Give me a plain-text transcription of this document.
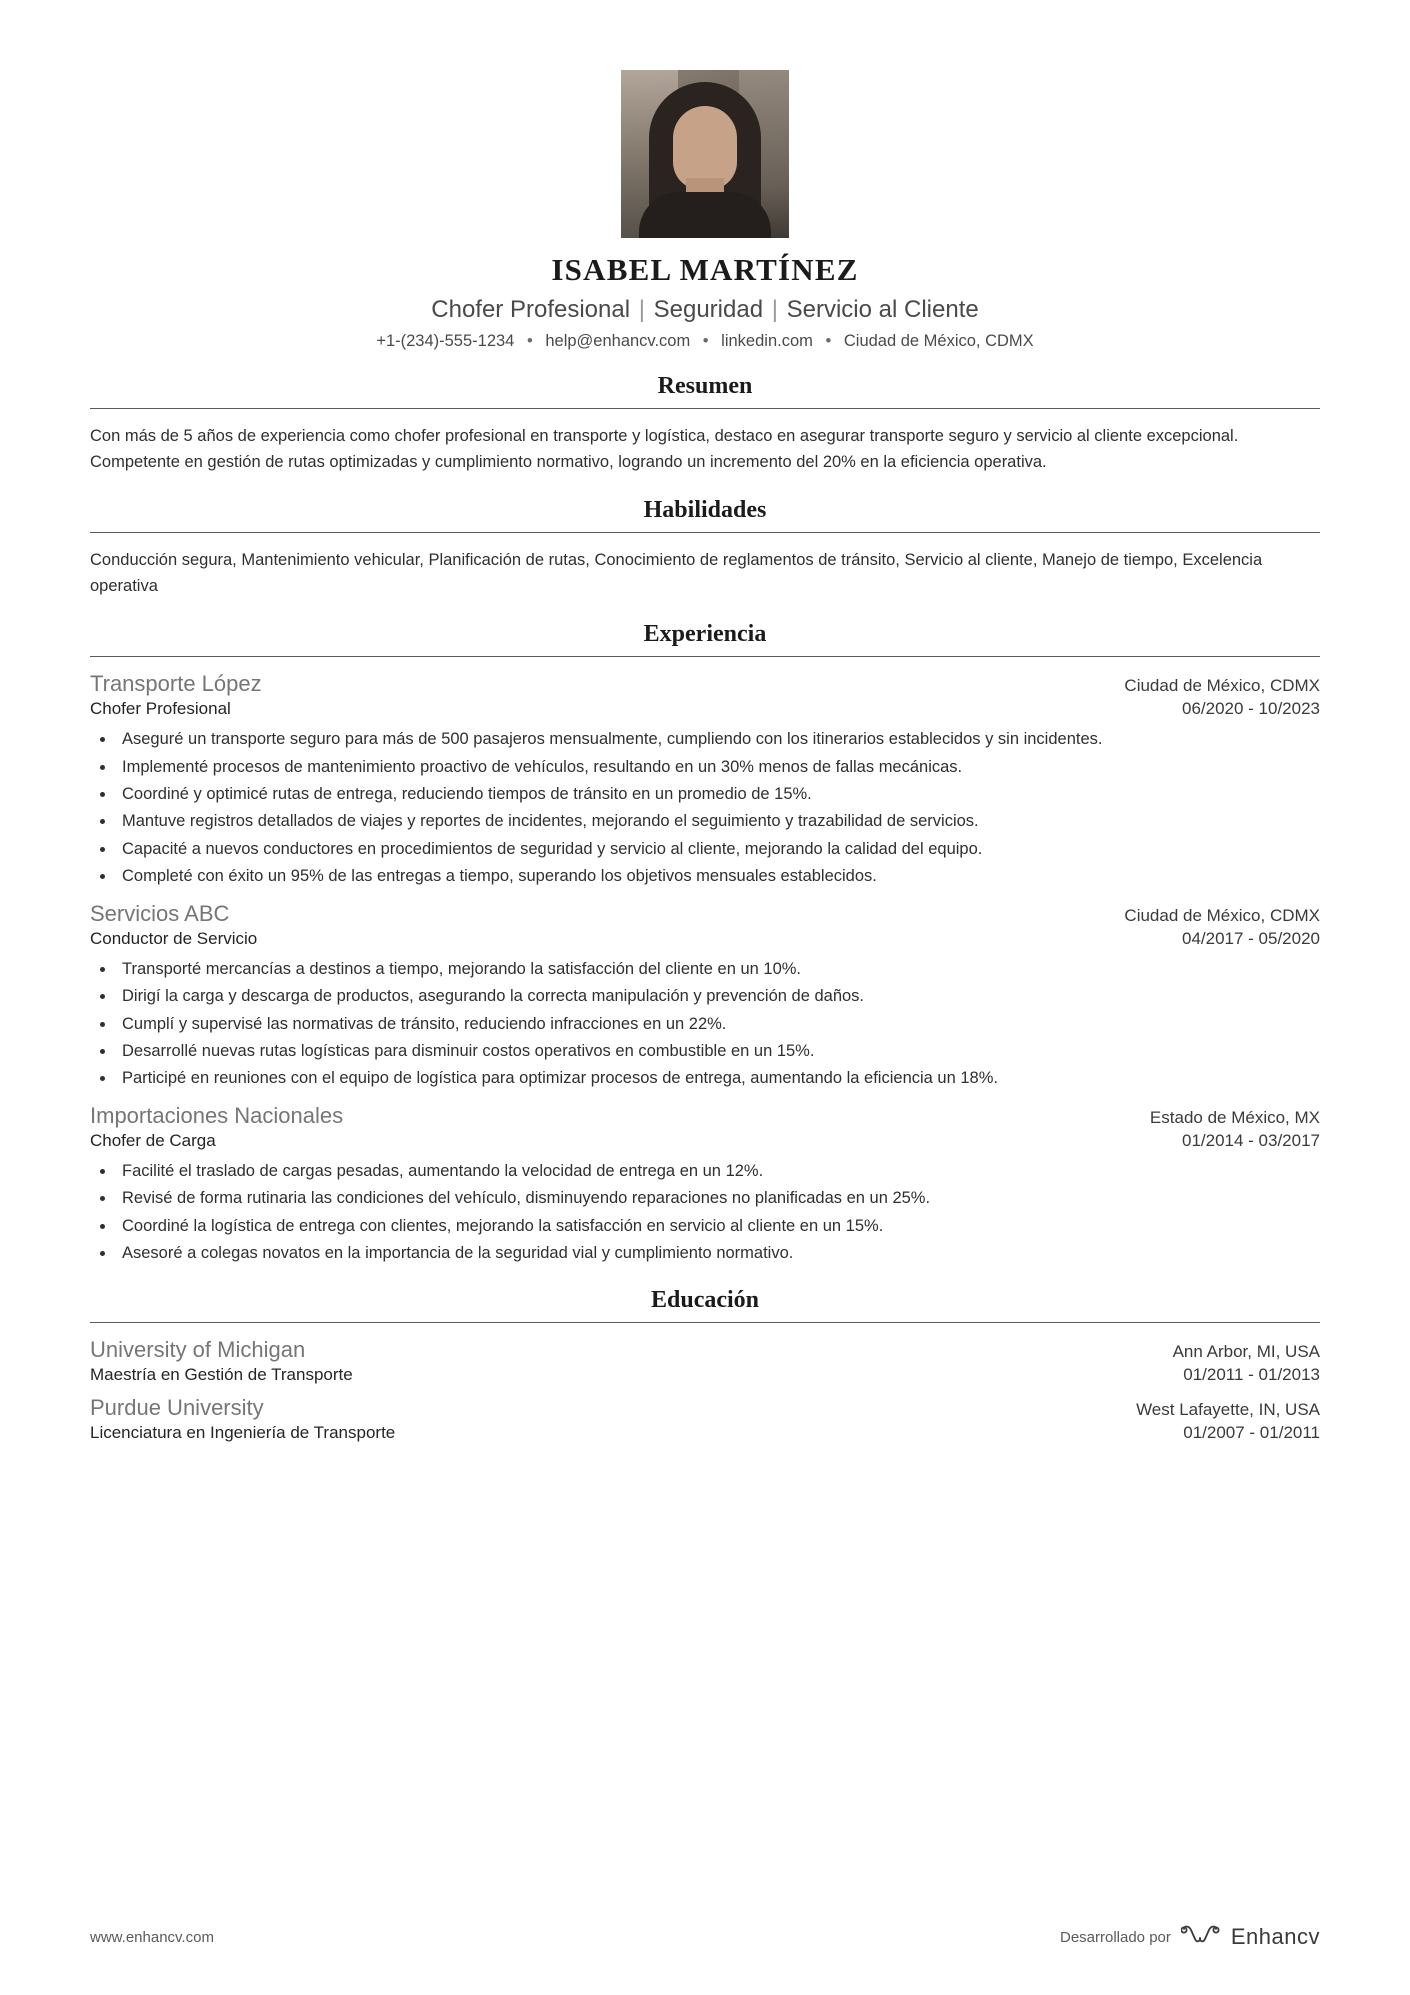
ISABEL MARTÍNEZ
Chofer Profesional | Seguridad | Servicio al Cliente
+1-(234)-555-1234 • help@enhancv.com • linkedin.com • Ciudad de México, CDMX
Resumen
Con más de 5 años de experiencia como chofer profesional en transporte y logística, destaco en asegurar transporte seguro y servicio al cliente excepcional. Competente en gestión de rutas optimizadas y cumplimiento normativo, logrando un incremento del 20% en la eficiencia operativa.
Habilidades
Conducción segura, Mantenimiento vehicular, Planificación de rutas, Conocimiento de reglamentos de tránsito, Servicio al cliente, Manejo de tiempo, Excelencia operativa
Experiencia
Transporte López	Ciudad de México, CDMX
Chofer Profesional	06/2020 - 10/2023
• Aseguré un transporte seguro para más de 500 pasajeros mensualmente, cumpliendo con los itinerarios establecidos y sin incidentes.
• Implementé procesos de mantenimiento proactivo de vehículos, resultando en un 30% menos de fallas mecánicas.
• Coordiné y optimicé rutas de entrega, reduciendo tiempos de tránsito en un promedio de 15%.
• Mantuve registros detallados de viajes y reportes de incidentes, mejorando el seguimiento y trazabilidad de servicios.
• Capacité a nuevos conductores en procedimientos de seguridad y servicio al cliente, mejorando la calidad del equipo.
• Completé con éxito un 95% de las entregas a tiempo, superando los objetivos mensuales establecidos.
Servicios ABC	Ciudad de México, CDMX
Conductor de Servicio	04/2017 - 05/2020
• Transporté mercancías a destinos a tiempo, mejorando la satisfacción del cliente en un 10%.
• Dirigí la carga y descarga de productos, asegurando la correcta manipulación y prevención de daños.
• Cumplí y supervisé las normativas de tránsito, reduciendo infracciones en un 22%.
• Desarrollé nuevas rutas logísticas para disminuir costos operativos en combustible en un 15%.
• Participé en reuniones con el equipo de logística para optimizar procesos de entrega, aumentando la eficiencia un 18%.
Importaciones Nacionales	Estado de México, MX
Chofer de Carga	01/2014 - 03/2017
• Facilité el traslado de cargas pesadas, aumentando la velocidad de entrega en un 12%.
• Revisé de forma rutinaria las condiciones del vehículo, disminuyendo reparaciones no planificadas en un 25%.
• Coordiné la logística de entrega con clientes, mejorando la satisfacción en servicio al cliente en un 15%.
• Asesoré a colegas novatos en la importancia de la seguridad vial y cumplimiento normativo.
Educación
University of Michigan	Ann Arbor, MI, USA
Maestría en Gestión de Transporte	01/2011 - 01/2013
Purdue University	West Lafayette, IN, USA
Licenciatura en Ingeniería de Transporte	01/2007 - 01/2011
www.enhancv.com	Desarrollado por	Enhancv
